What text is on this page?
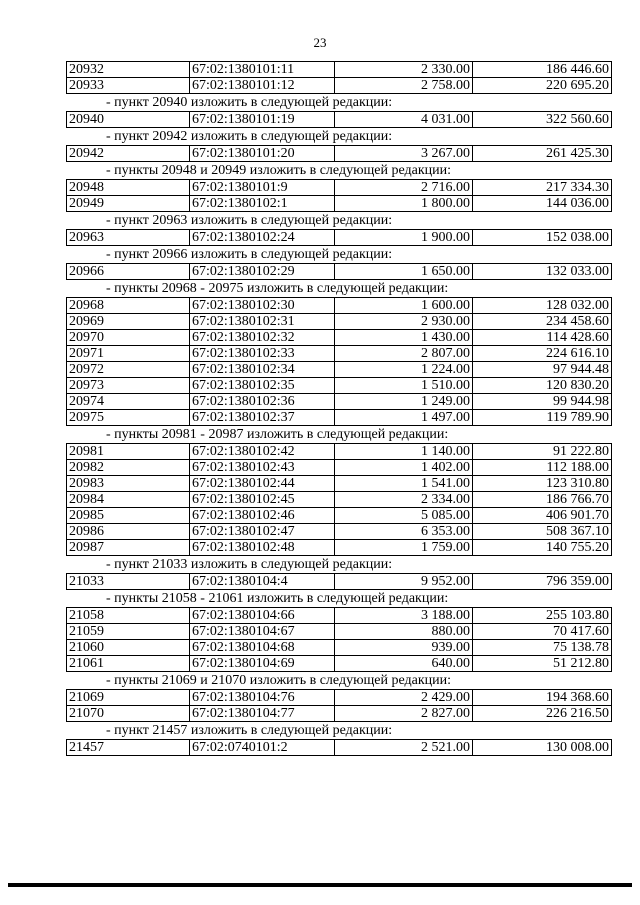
23
20932	67:02:1380101:11	2 330.00	186 446.60
20933	67:02:1380101:12	2 758.00	220 695.20
- пункт 20940 изложить в следующей редакции:
20940	67:02:1380101:19	4 031.00	322 560.60
- пункт 20942 изложить в следующей редакции:
20942	67:02:1380101:20	3 267.00	261 425.30
- пункты 20948 и 20949 изложить в следующей редакции:
20948	67:02:1380101:9	2 716.00	217 334.30
20949	67:02:1380102:1	1 800.00	144 036.00
- пункт 20963 изложить в следующей редакции:
20963	67:02:1380102:24	1 900.00	152 038.00
- пункт 20966 изложить в следующей редакции:
20966	67:02:1380102:29	1 650.00	132 033.00
- пункты 20968 - 20975 изложить в следующей редакции:
20968	67:02:1380102:30	1 600.00	128 032.00
20969	67:02:1380102:31	2 930.00	234 458.60
20970	67:02:1380102:32	1 430.00	114 428.60
20971	67:02:1380102:33	2 807.00	224 616.10
20972	67:02:1380102:34	1 224.00	97 944.48
20973	67:02:1380102:35	1 510.00	120 830.20
20974	67:02:1380102:36	1 249.00	99 944.98
20975	67:02:1380102:37	1 497.00	119 789.90
- пункты 20981 - 20987 изложить в следующей редакции:
20981	67:02:1380102:42	1 140.00	91 222.80
20982	67:02:1380102:43	1 402.00	112 188.00
20983	67:02:1380102:44	1 541.00	123 310.80
20984	67:02:1380102:45	2 334.00	186 766.70
20985	67:02:1380102:46	5 085.00	406 901.70
20986	67:02:1380102:47	6 353.00	508 367.10
20987	67:02:1380102:48	1 759.00	140 755.20
- пункт 21033 изложить в следующей редакции:
21033	67:02:1380104:4	9 952.00	796 359.00
- пункты 21058 - 21061 изложить в следующей редакции:
21058	67:02:1380104:66	3 188.00	255 103.80
21059	67:02:1380104:67	880.00	70 417.60
21060	67:02:1380104:68	939.00	75 138.78
21061	67:02:1380104:69	640.00	51 212.80
- пункты 21069 и 21070 изложить в следующей редакции:
21069	67:02:1380104:76	2 429.00	194 368.60
21070	67:02:1380104:77	2 827.00	226 216.50
- пункт 21457 изложить в следующей редакции:
21457	67:02:0740101:2	2 521.00	130 008.00
